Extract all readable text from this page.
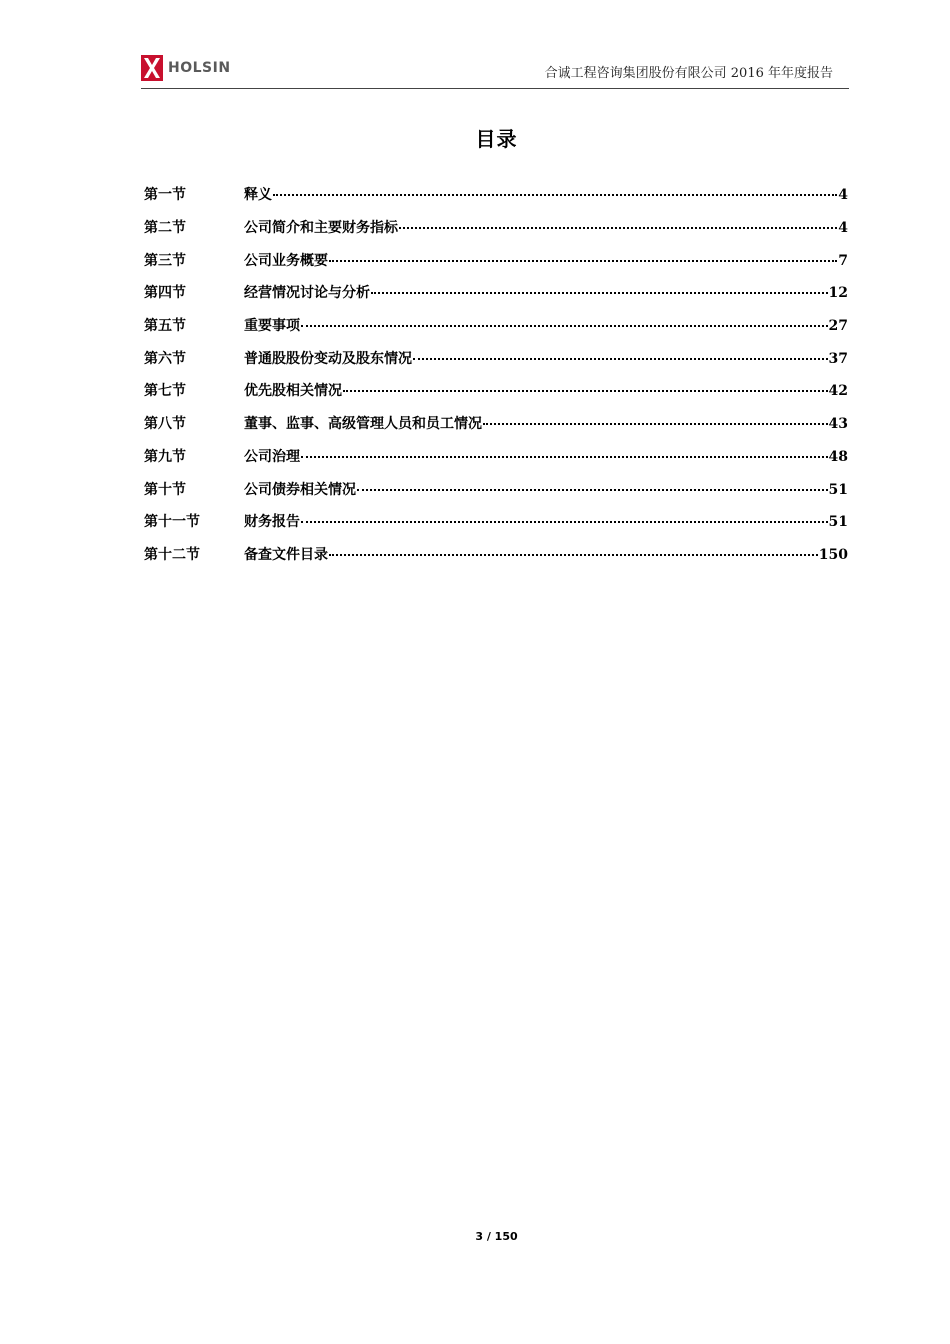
HOLSIN	合诚工程咨询集团股份有限公司 2016 年年度报告
目录
第一节	释义	4
第二节	公司简介和主要财务指标	4
第三节	公司业务概要	7
第四节	经营情况讨论与分析	12
第五节	重要事项	27
第六节	普通股股份变动及股东情况	37
第七节	优先股相关情况	42
第八节	董事、监事、高级管理人员和员工情况	43
第九节	公司治理	48
第十节	公司债券相关情况	51
第十一节	财务报告	51
第十二节	备查文件目录	150
3 / 150
